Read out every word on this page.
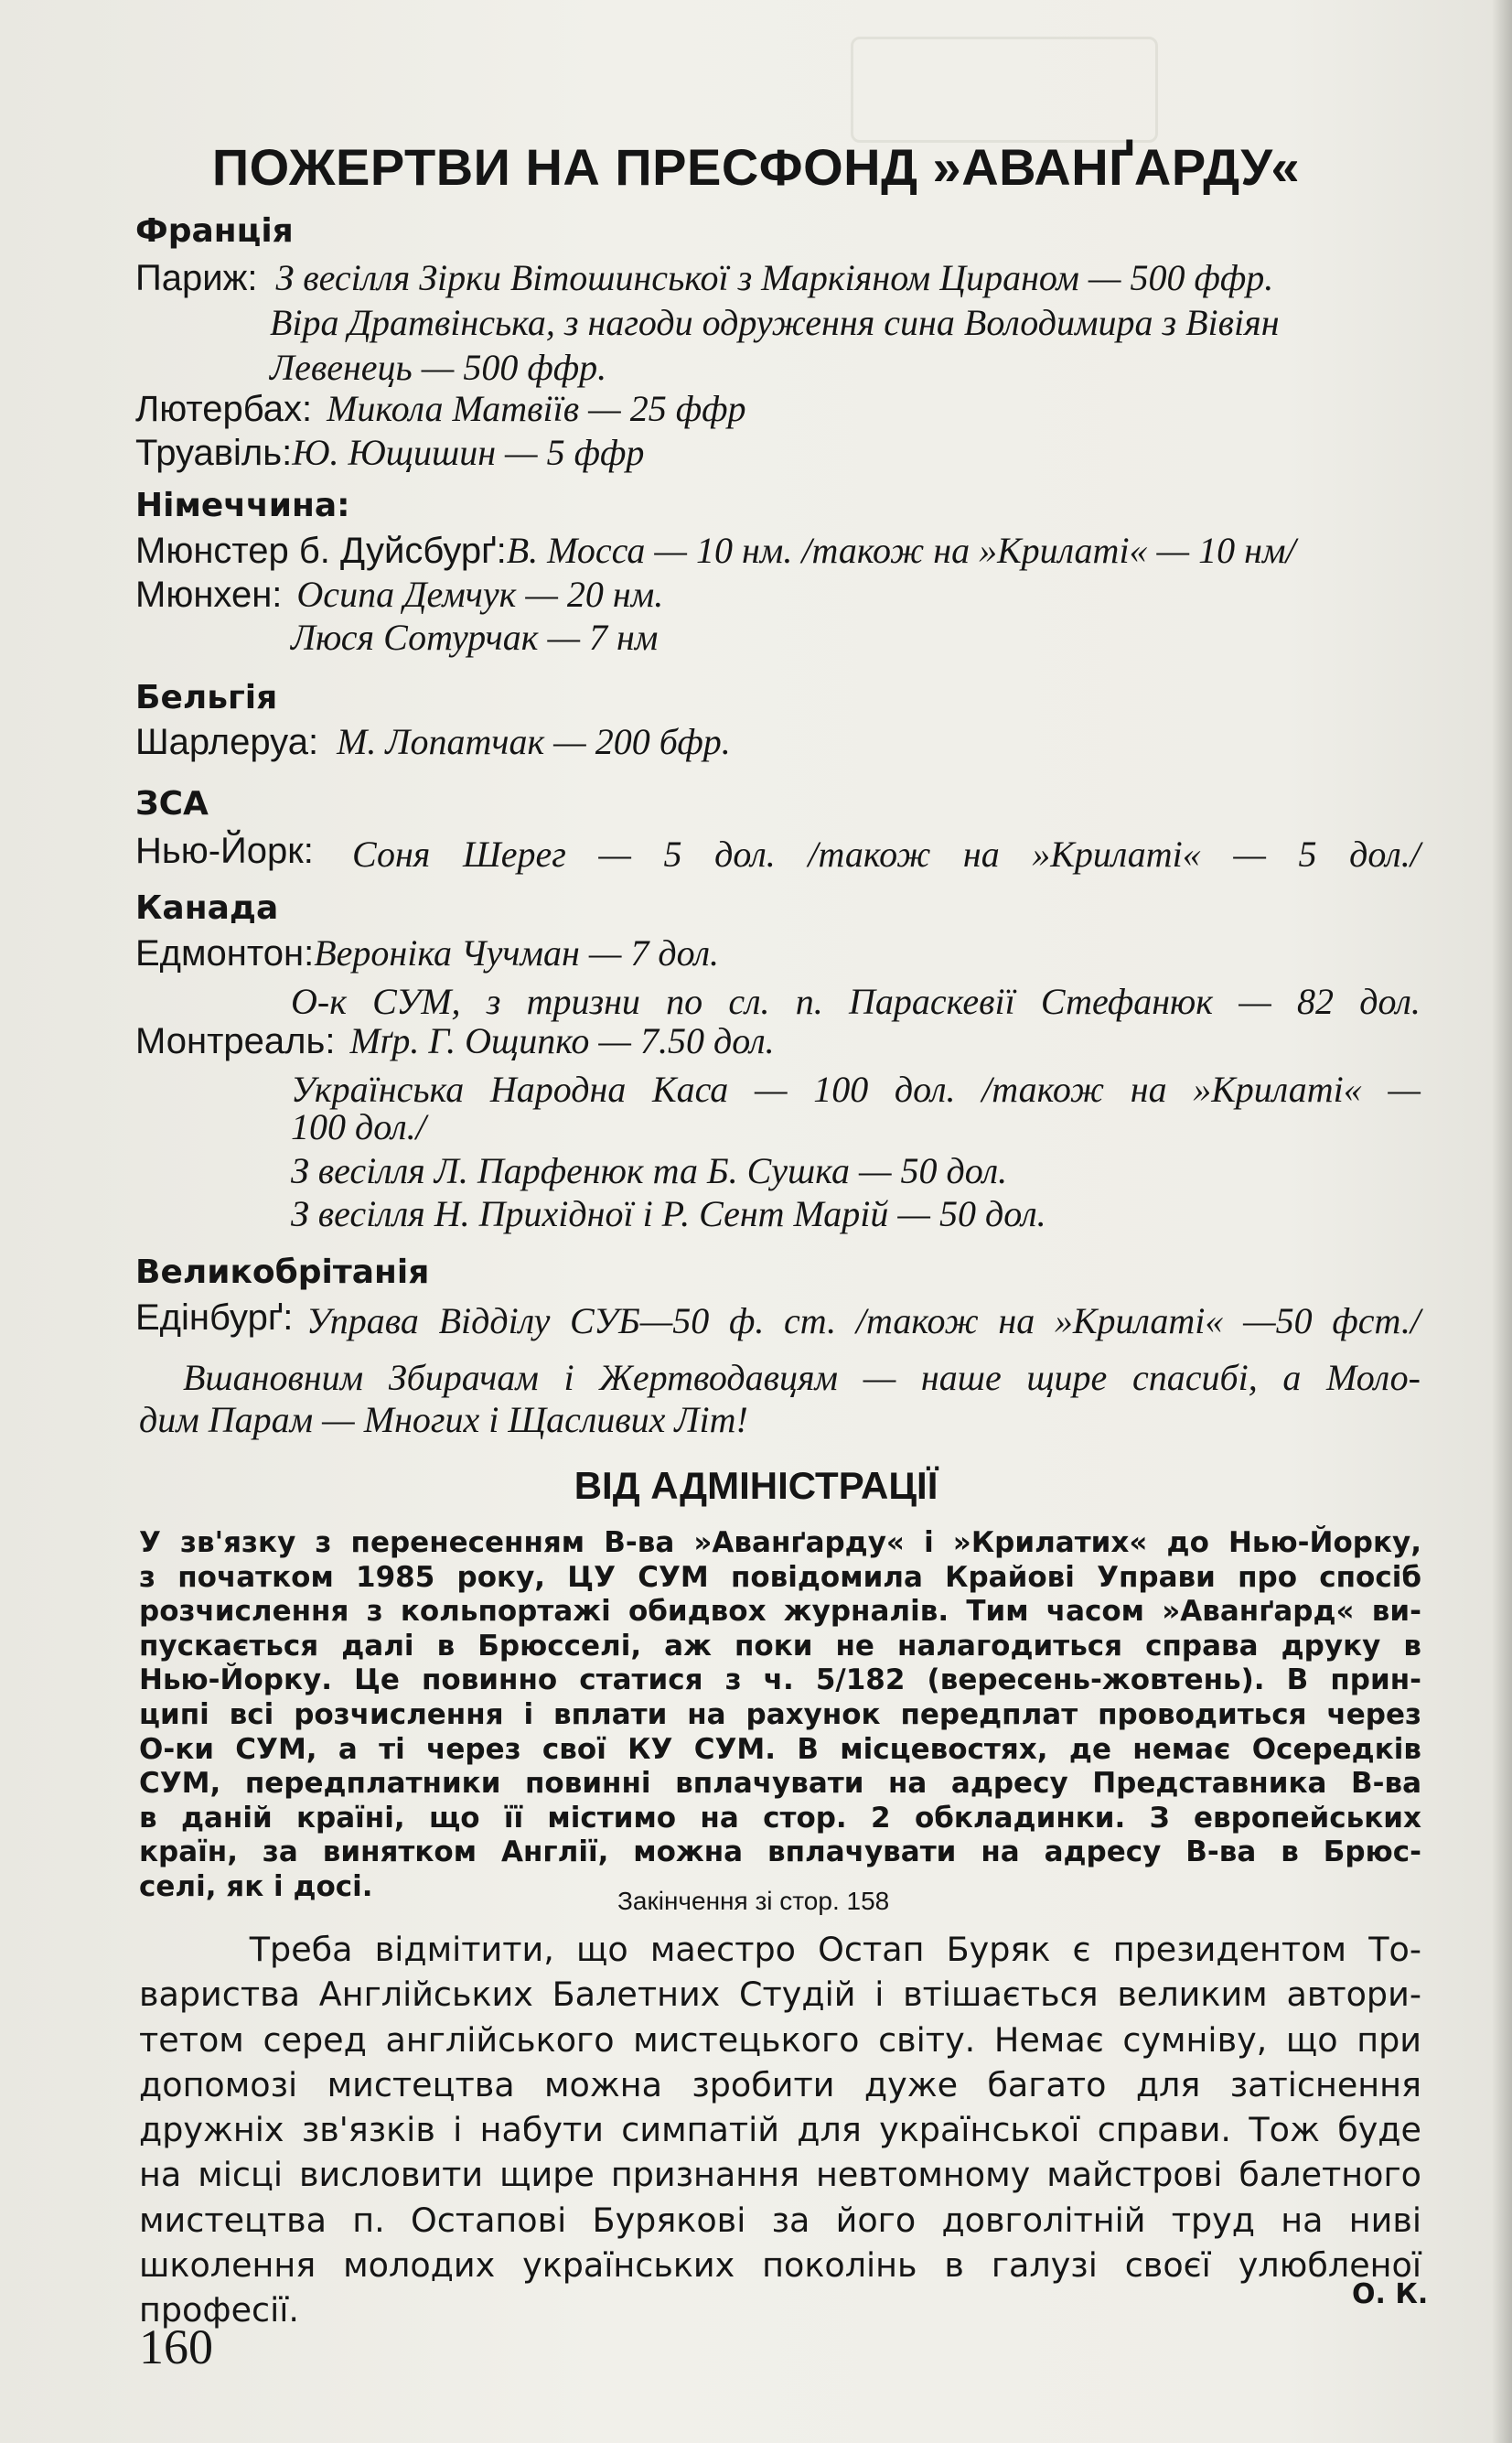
ПОЖЕРТВИ НА ПРЕСФОНД »АВАНҐАРДУ«
Франція
Париж: З весілля Зірки Вітошинської з Маркіяном Циpаном — 500 ффр.
Віра Дратвінська, з нагоди одруження сина Володимира з Вівіян
Левенець — 500 ффр.
Лютербах: Микола Матвіїв — 25 ффр
Труавіль:Ю. Ющишин — 5 ффр
Німеччина:
Мюнстер б. Дуйсбурґ:В. Мосса — 10 нм. /також на »Крилаті« — 10 нм/
Мюнхен: Осипа Демчук — 20 нм.
Люся Сотурчак — 7 нм
Бельгія
Шарлеруа: М. Лопатчак — 200 бфр.
ЗСА
Нью-Йорк: Соня Шерег — 5 дол. /також на »Крилаті« — 5 дол./
Канада
Едмонтон:Вероніка Чучман — 7 дол.
О-к СУМ, з тризни по сл. п. Параскевії Стефанюк — 82 дол.
Монтреаль: Мґр. Г. Ощипко — 7.50 дол.
Українська Народна Каса — 100 дол. /також на »Крилаті« —
100 дол./
З весілля Л. Парфенюк та Б. Сушка — 50 дол.
З весілля Н. Прихідної і Р. Сент Марій — 50 дол.
Великобрітанія
Едінбурґ: Управа Відділу СУБ—50 ф. ст. /також на »Крилаті« —50 фст./
Вшановним Збирачам і Жертводавцям — наше щире спасибі, а Моло-
дим Парам — Многих і Щасливих Літ!
ВІД АДМІНІСТРАЦІЇ
У зв'язку з перенесенням В-ва »Аванґарду« і »Крилатих« до Нью-Йорку,
з початком 1985 року, ЦУ СУМ повідомила Крайові Управи про спосіб
розчислення з кольпортажі обидвох журналів. Тим часом »Аванґард« ви-
пускається далі в Брюсселі, аж поки не налагодиться справа друку в
Нью-Йорку. Це повинно статися з ч. 5/182 (вересень-жовтень). В прин-
ципі всі розчислення і вплати на рахунок передплат проводиться через
О-ки СУМ, а ті через свої КУ СУМ. В місцевостях, де немає Осередків
СУМ, передплатники повинні вплачувати на адресу Представника В-ва
в даній країні, що її містимо на стор. 2 обкладинки. З европейських
країн, за винятком Англії, можна вплачувати на адресу В-ва в Брюс-
селі, як і досі.	Закінчення зі стор. 158
Треба відмітити, що маестро Остап Буряк є президентом То-
вариства Англійських Балетних Студій і втішається великим автори-
тетом серед англійського мистецького світу. Немає сумніву, що при
допомозі мистецтва можна зробити дуже багато для затіснення
дружніх зв'язків і набути симпатій для української справи. Тож буде
на місці висловити щире признання невтомному майстрові балетного
мистецтва п. Остапові Бурякові за його довголітній труд на ниві
школення молодих українських поколінь в галузі своєї улюбленої
професії.	О. К.
160
